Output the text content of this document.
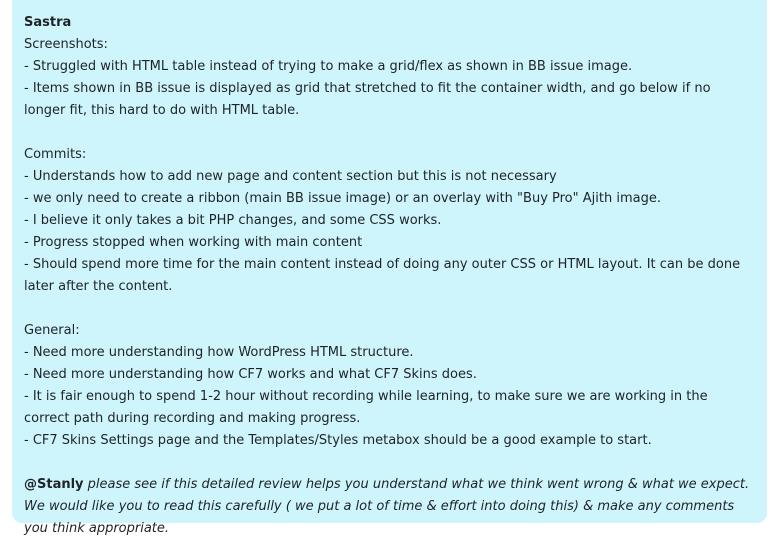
Sastra
Screenshots:
- Struggled with HTML table instead of trying to make a grid/flex as shown in BB issue image.
- Items shown in BB issue is displayed as grid that stretched to fit the container width, and go below if no longer fit, this hard to do with HTML table.
Commits:
- Understands how to add new page and content section but this is not necessary
- we only need to create a ribbon (main BB issue image) or an overlay with "Buy Pro" Ajith image.
- I believe it only takes a bit PHP changes, and some CSS works.
- Progress stopped when working with main content
- Should spend more time for the main content instead of doing any outer CSS or HTML layout. It can be done later after the content.
General:
- Need more understanding how WordPress HTML structure.
- Need more understanding how CF7 works and what CF7 Skins does.
- It is fair enough to spend 1-2 hour without recording while learning, to make sure we are working in the correct path during recording and making progress.
- CF7 Skins Settings page and the Templates/Styles metabox should be a good example to start.
@Stanly please see if this detailed review helps you understand what we think went wrong & what we expect. We would like you to read this carefully ( we put a lot of time & effort into doing this) & make any comments you think appropriate.
